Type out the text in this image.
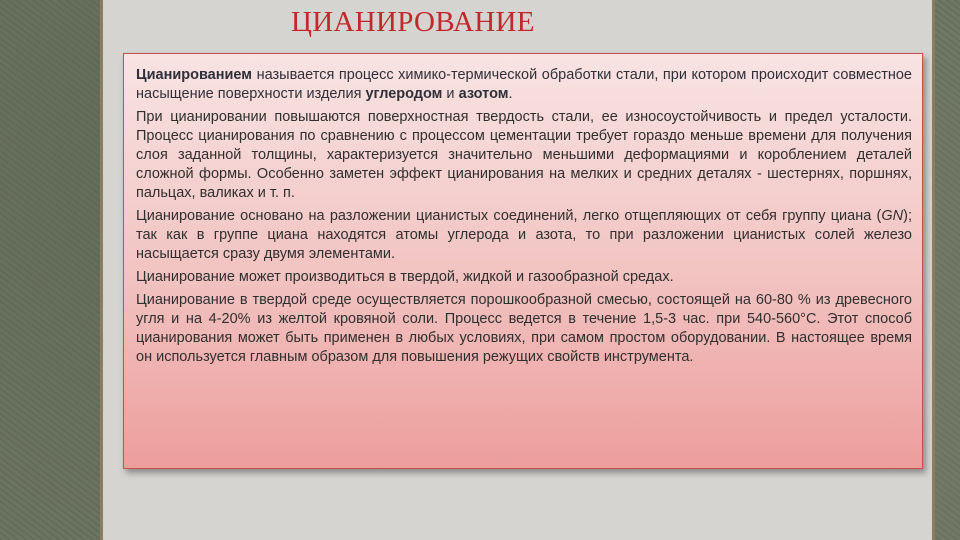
ЦИАНИРОВАНИЕ

Цианированием называется процесс химико-термической обработки стали, при котором происходит совместное насыщение поверхности изделия углеродом и азотом.

При цианировании повышаются поверхностная твердость стали, ее износоустойчивость и предел усталости. Процесс цианирования по сравнению с процессом цементации требует гораздо меньше времени для получения слоя заданной толщины, характеризуется значительно меньшими деформациями и короблением деталей сложной формы. Особенно заметен эффект цианирования на мелких и средних деталях - шестернях, поршнях, пальцах, валиках и т. п.

Цианирование основано на разложении цианистых соединений, легко отщепляющих от себя группу циана (GN); так как в группе циана находятся атомы углерода и азота, то при разложении цианистых солей железо насыщается сразу двумя элементами.

Цианирование может производиться в твердой, жидкой и газообразной средах.

Цианирование в твердой среде осуществляется порошкообразной смесью, состоящей на 60-80 % из древесного угля и на 4-20% из желтой кровяной соли. Процесс ведется в течение 1,5-3 час. при 540-560°С. Этот способ цианирования может быть применен в любых условиях, при самом простом оборудовании. В настоящее время он используется главным образом для повышения режущих свойств инструмента.
